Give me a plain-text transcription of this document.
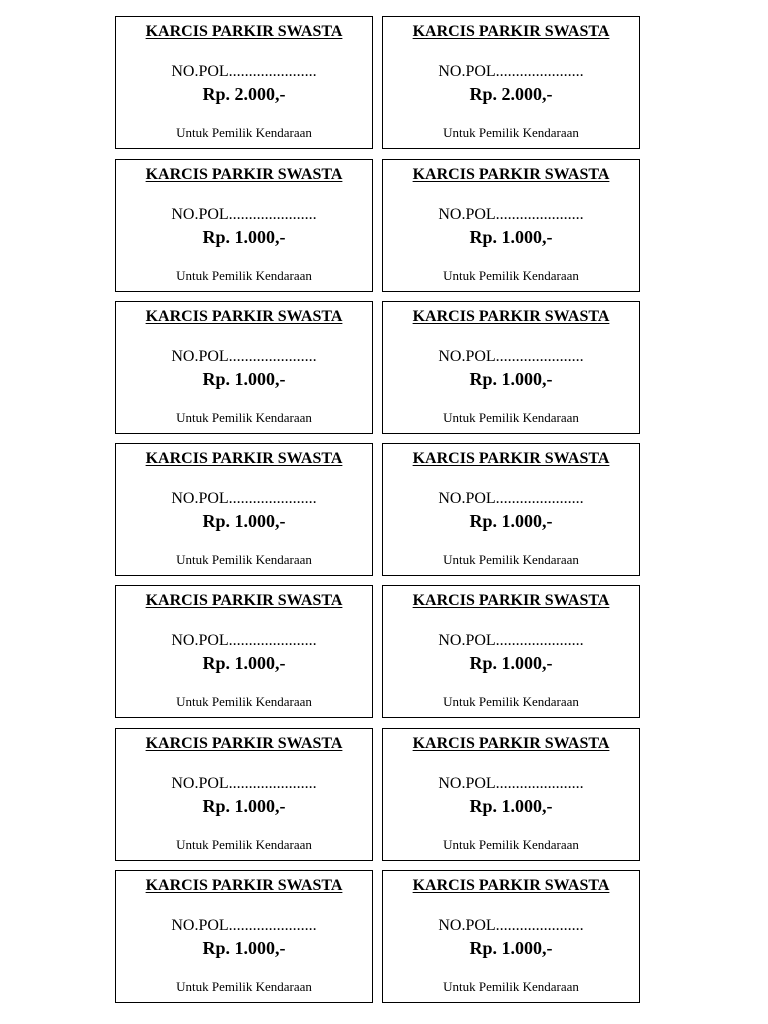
KARCIS PARKIR SWASTA
NO.POL......................
Rp. 2.000,-
Untuk Pemilik Kendaraan
KARCIS PARKIR SWASTA
NO.POL......................
Rp. 2.000,-
Untuk Pemilik Kendaraan
KARCIS PARKIR SWASTA
NO.POL......................
Rp. 1.000,-
Untuk Pemilik Kendaraan
KARCIS PARKIR SWASTA
NO.POL......................
Rp. 1.000,-
Untuk Pemilik Kendaraan
KARCIS PARKIR SWASTA
NO.POL......................
Rp. 1.000,-
Untuk Pemilik Kendaraan
KARCIS PARKIR SWASTA
NO.POL......................
Rp. 1.000,-
Untuk Pemilik Kendaraan
KARCIS PARKIR SWASTA
NO.POL......................
Rp. 1.000,-
Untuk Pemilik Kendaraan
KARCIS PARKIR SWASTA
NO.POL......................
Rp. 1.000,-
Untuk Pemilik Kendaraan
KARCIS PARKIR SWASTA
NO.POL......................
Rp. 1.000,-
Untuk Pemilik Kendaraan
KARCIS PARKIR SWASTA
NO.POL......................
Rp. 1.000,-
Untuk Pemilik Kendaraan
KARCIS PARKIR SWASTA
NO.POL......................
Rp. 1.000,-
Untuk Pemilik Kendaraan
KARCIS PARKIR SWASTA
NO.POL......................
Rp. 1.000,-
Untuk Pemilik Kendaraan
KARCIS PARKIR SWASTA
NO.POL......................
Rp. 1.000,-
Untuk Pemilik Kendaraan
KARCIS PARKIR SWASTA
NO.POL......................
Rp. 1.000,-
Untuk Pemilik Kendaraan
